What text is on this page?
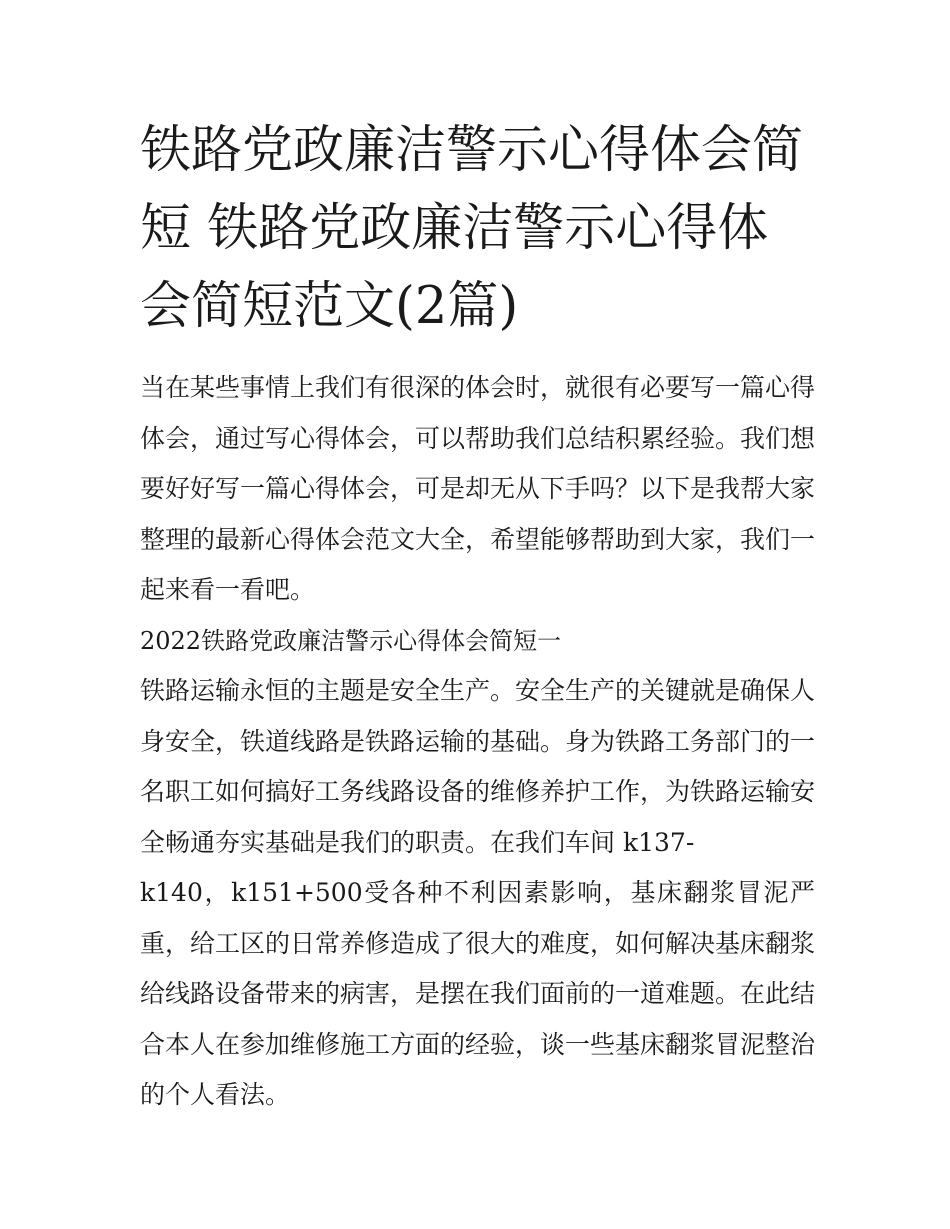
铁路党政廉洁警示心得体会简短 铁路党政廉洁警示心得体会简短范文(2篇)

当在某些事情上我们有很深的体会时，就很有必要写一篇心得体会，通过写心得体会，可以帮助我们总结积累经验。我们想要好好写一篇心得体会，可是却无从下手吗？以下是我帮大家整理的最新心得体会范文大全，希望能够帮助到大家，我们一起来看一看吧。

2022铁路党政廉洁警示心得体会简短一

铁路运输永恒的主题是安全生产。安全生产的关键就是确保人身安全，铁道线路是铁路运输的基础。身为铁路工务部门的一名职工如何搞好工务线路设备的维修养护工作，为铁路运输安全畅通夯实基础是我们的职责。在我们车间 k137-

k140，k151+500受各种不利因素影响，基床翻浆冒泥严重，给工区的日常养修造成了很大的难度，如何解决基床翻浆给线路设备带来的病害，是摆在我们面前的一道难题。在此结合本人在参加维修施工方面的经验，谈一些基床翻浆冒泥整治的个人看法。
